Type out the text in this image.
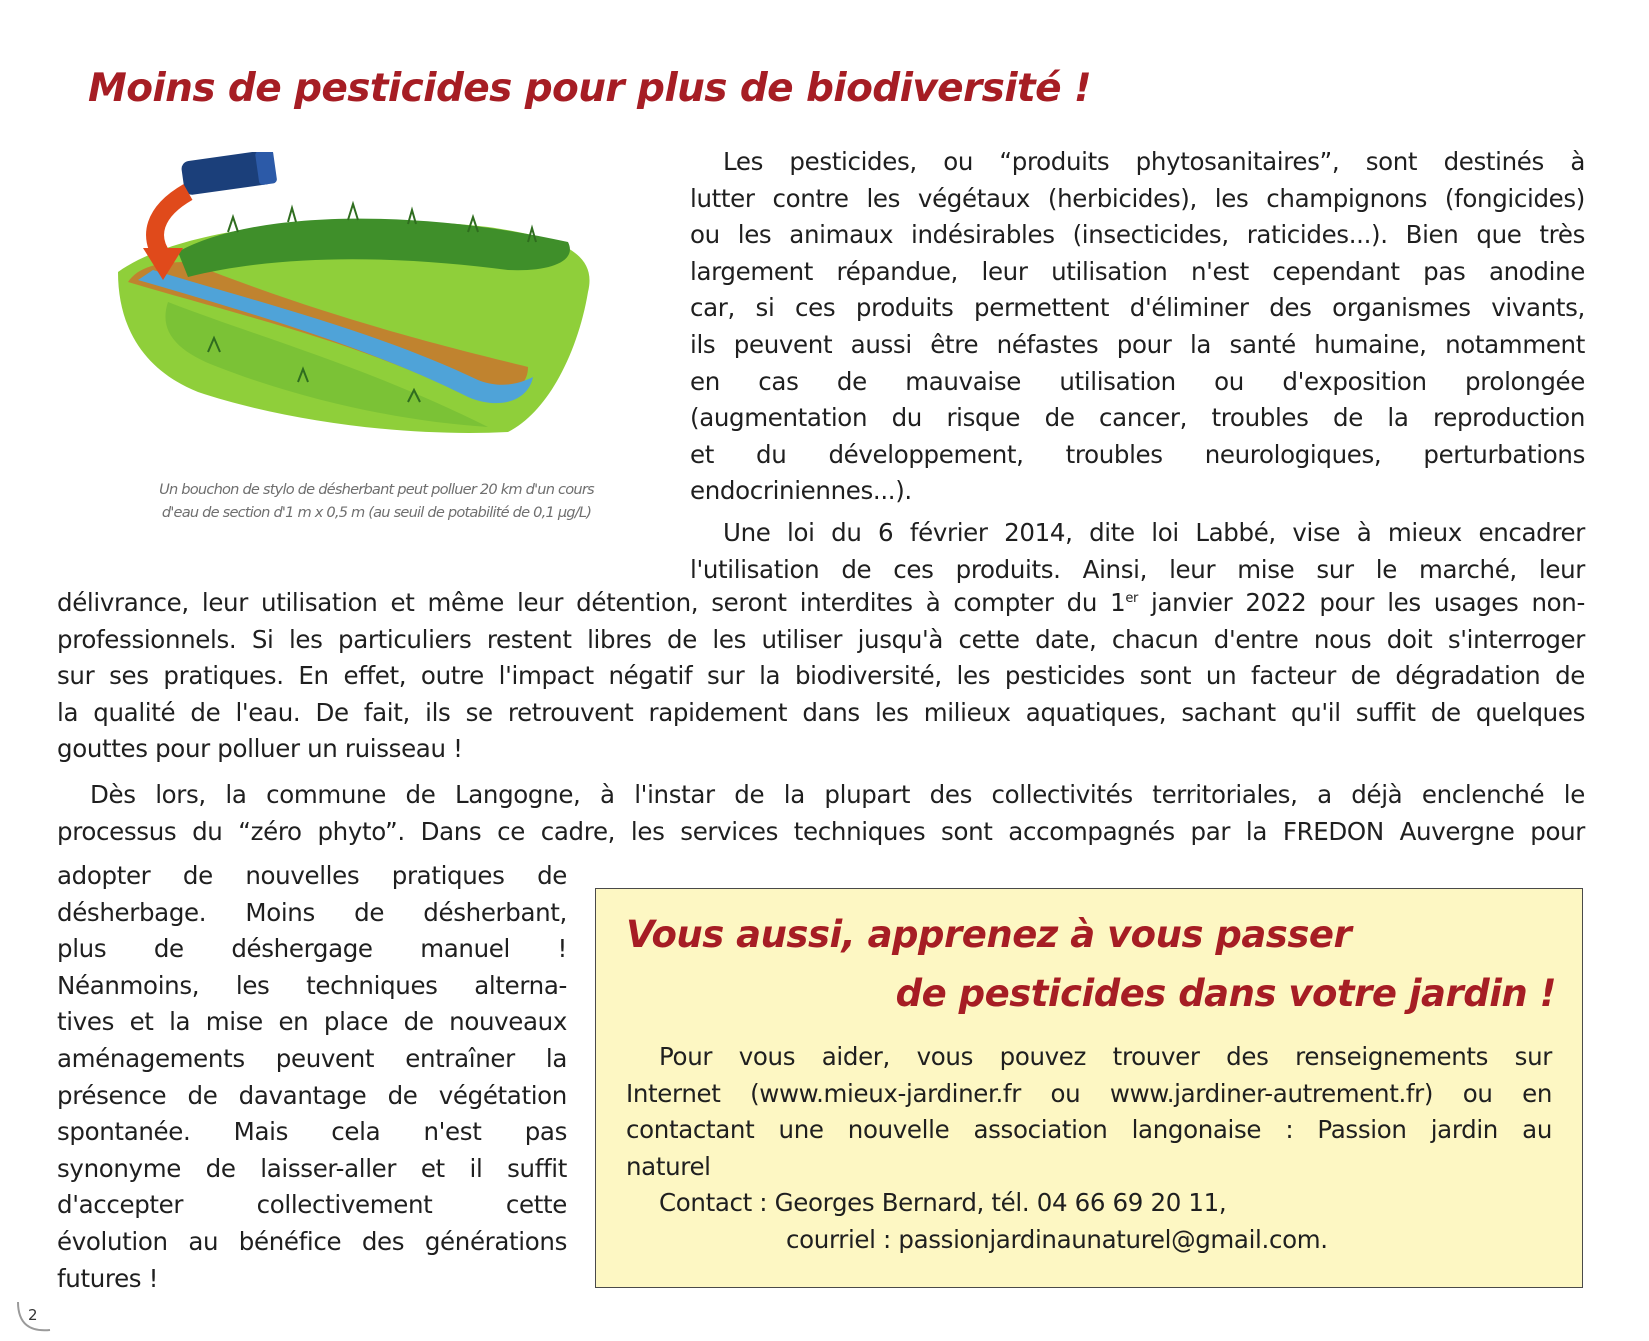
Moins de pesticides pour plus de biodiversité !
Un bouchon de stylo de désherbant peut polluer 20 km d'un cours
d'eau de section d'1 m x 0,5 m (au seuil de potabilité de 0,1 µg/L)

Les pesticides, ou “produits phytosanitaires”, sont destinés à
lutter contre les végétaux (herbicides), les champignons (fongicides)
ou les animaux indésirables (insecticides, raticides...). Bien que très
largement répandue, leur utilisation n'est cependant pas anodine
car, si ces produits permettent d'éliminer des organismes vivants,
ils peuvent aussi être néfastes pour la santé humaine, notamment
en cas de mauvaise utilisation ou d'exposition prolongée
(augmentation du risque de cancer, troubles de la reproduction
et du développement, troubles neurologiques, perturbations
endocriniennes...).

Une loi du 6 février 2014, dite loi Labbé, vise à mieux encadrer
l'utilisation de ces produits. Ainsi, leur mise sur le marché, leur

délivrance, leur utilisation et même leur détention, seront interdites à compter du 1er janvier 2022 pour les usages non-
professionnels. Si les particuliers restent libres de les utiliser jusqu'à cette date, chacun d'entre nous doit s'interroger
sur ses pratiques. En effet, outre l'impact négatif sur la biodiversité, les pesticides sont un facteur de dégradation de
la qualité de l'eau. De fait, ils se retrouvent rapidement dans les milieux aquatiques, sachant qu'il suffit de quelques
gouttes pour polluer un ruisseau !
Dès lors, la commune de Langogne, à l'instar de la plupart des collectivités territoriales, a déjà enclenché le
processus du “zéro phyto”. Dans ce cadre, les services techniques sont accompagnés par la FREDON Auvergne pour
adopter de nouvelles pratiques de
désherbage. Moins de désherbant,
plus de déshergage manuel !
Néanmoins, les techniques alterna-
tives et la mise en place de nouveaux
aménagements peuvent entraîner la
présence de davantage de végétation
spontanée. Mais cela n'est pas
synonyme de laisser-aller et il suffit
d'accepter collectivement cette
évolution au bénéfice des générations
futures !
Vous aussi, apprenez à vous passer
de pesticides dans votre jardin !
Pour vous aider, vous pouvez trouver des renseignements sur
Internet (www.mieux-jardiner.fr ou www.jardiner-autrement.fr) ou en
contactant une nouvelle association langonaise : Passion jardin au
naturel
Contact : Georges Bernard, tél. 04 66 69 20 11,
courriel : passionjardinaunaturel@gmail.com.
2
